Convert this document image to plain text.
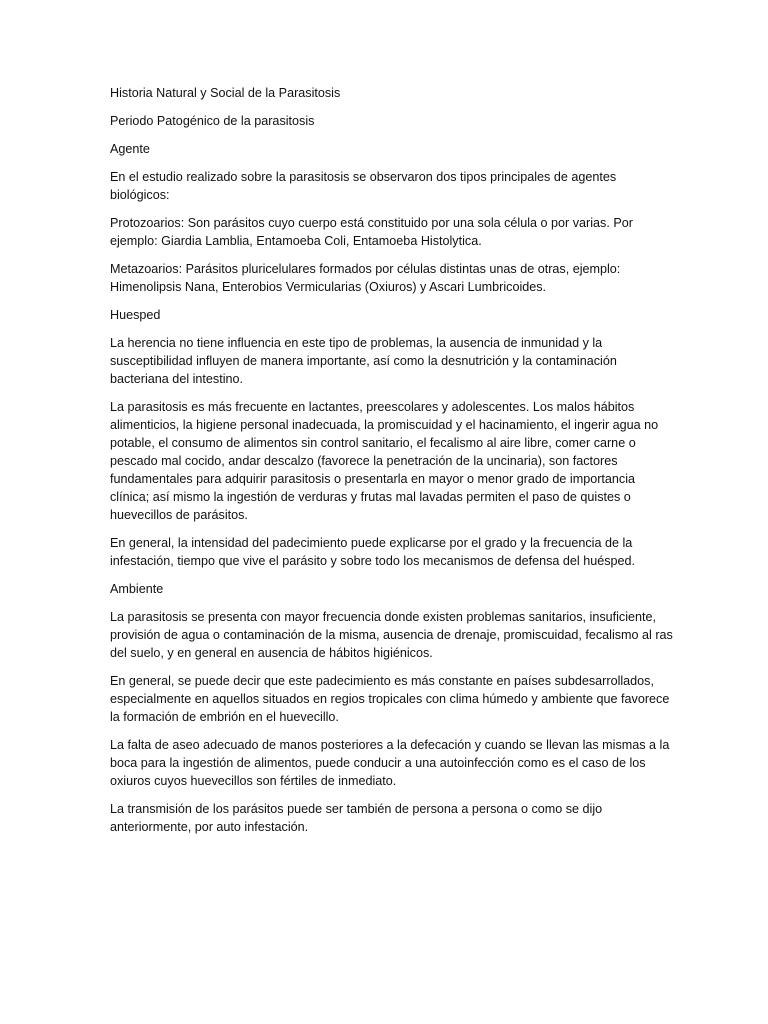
Historia Natural y Social de la Parasitosis

Periodo Patogénico de la parasitosis

Agente

En el estudio realizado sobre la parasitosis se observaron dos tipos principales de agentes biológicos:

Protozoarios: Son parásitos cuyo cuerpo está constituido por una sola célula o por varias. Por ejemplo: Giardia Lamblia, Entamoeba Coli, Entamoeba Histolytica.

Metazoarios: Parásitos pluricelulares formados por células distintas unas de otras, ejemplo: Himenolipsis Nana, Enterobios Vermicularias (Oxiuros) y Ascari Lumbricoides.

Huesped

La herencia no tiene influencia en este tipo de problemas, la ausencia de inmunidad y la susceptibilidad influyen de manera importante, así como la desnutrición y la contaminación bacteriana del intestino.

La parasitosis es más frecuente en lactantes, preescolares y adolescentes. Los malos hábitos alimenticios, la higiene personal inadecuada, la promiscuidad y el hacinamiento, el ingerir agua no potable, el consumo de alimentos sin control sanitario, el fecalismo al aire libre, comer carne o pescado mal cocido, andar descalzo (favorece la penetración de la uncinaria), son factores fundamentales para adquirir parasitosis o presentarla en mayor o menor grado de importancia clínica; así mismo la ingestión de verduras y frutas mal lavadas permiten el paso de quistes o huevecillos de parásitos.

En general, la intensidad del padecimiento puede explicarse por el grado y la frecuencia de la infestación, tiempo que vive el parásito y sobre todo los mecanismos de defensa del huésped.

Ambiente

La parasitosis se presenta con mayor frecuencia donde existen problemas sanitarios, insuficiente, provisión de agua o contaminación de la misma, ausencia de drenaje, promiscuidad, fecalismo al ras del suelo, y en general en ausencia de hábitos higiénicos.

En general, se puede decir que este padecimiento es más constante en países subdesarrollados, especialmente en aquellos situados en regios tropicales con clima húmedo y ambiente que favorece la formación de embrión en el huevecillo.

La falta de aseo adecuado de manos posteriores a la defecación y cuando se llevan las mismas a la boca para la ingestión de alimentos, puede conducir a una autoinfección como es el caso de los oxiuros cuyos huevecillos son fértiles de inmediato.

La transmisión de los parásitos puede ser también de persona a persona o como se dijo anteriormente, por auto infestación.
